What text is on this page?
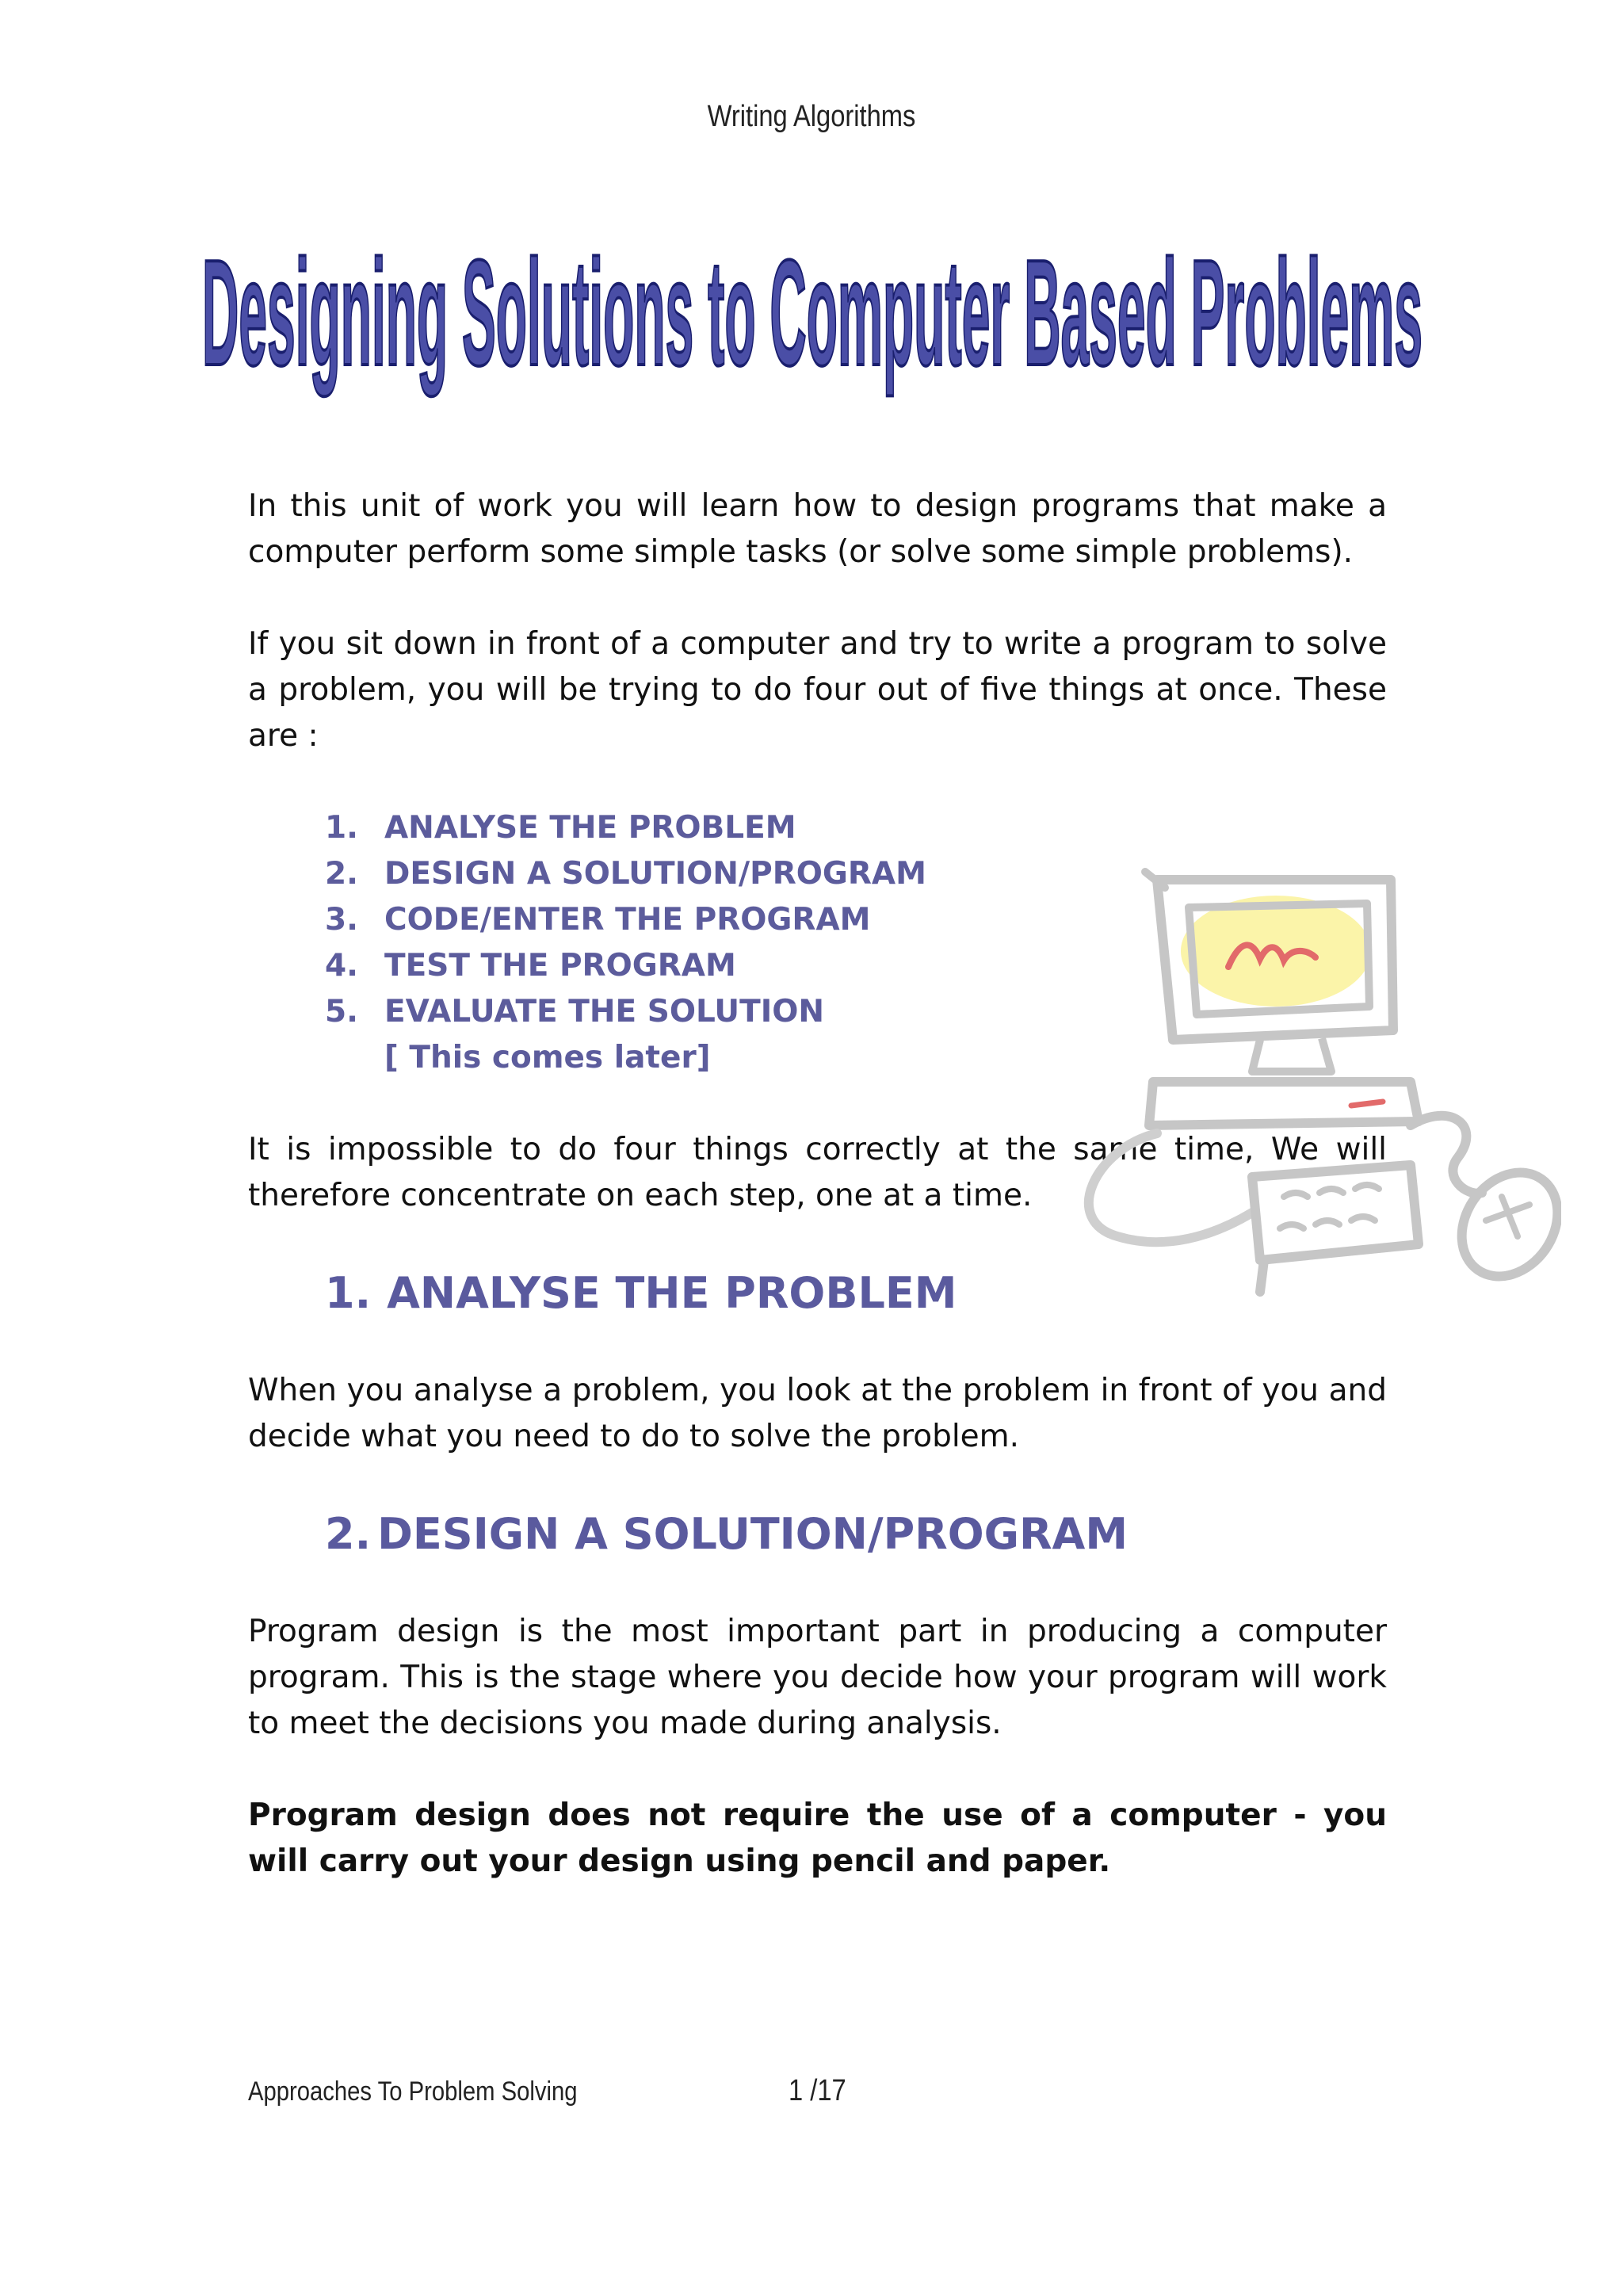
Writing Algorithms
Designing Solutions to Computer Based Problems

In this unit of work you will learn how to design programs that make a computer perform some simple tasks (or solve some simple problems).

If you sit down in front of a computer and try to write a program to solve a problem, you will be trying to do four out of five things at once. These are :

1. ANALYSE THE PROBLEM
2. DESIGN A SOLUTION/PROGRAM
3. CODE/ENTER THE PROGRAM
4. TEST THE PROGRAM
5. EVALUATE THE SOLUTION
[ This comes later]

It is impossible to do four things correctly at the same time, We will therefore concentrate on each step, one at a time.

1. ANALYSE THE PROBLEM

When you analyse a problem, you look at the problem in front of you and decide what you need to do to solve the problem.

2. DESIGN A SOLUTION/PROGRAM

Program design is the most important part in producing a computer program. This is the stage where you decide how your program will work to meet the decisions you made during analysis.

Program design does not require the use of a computer - you will carry out your design using pencil and paper.

Approaches To Problem Solving	1 /17
